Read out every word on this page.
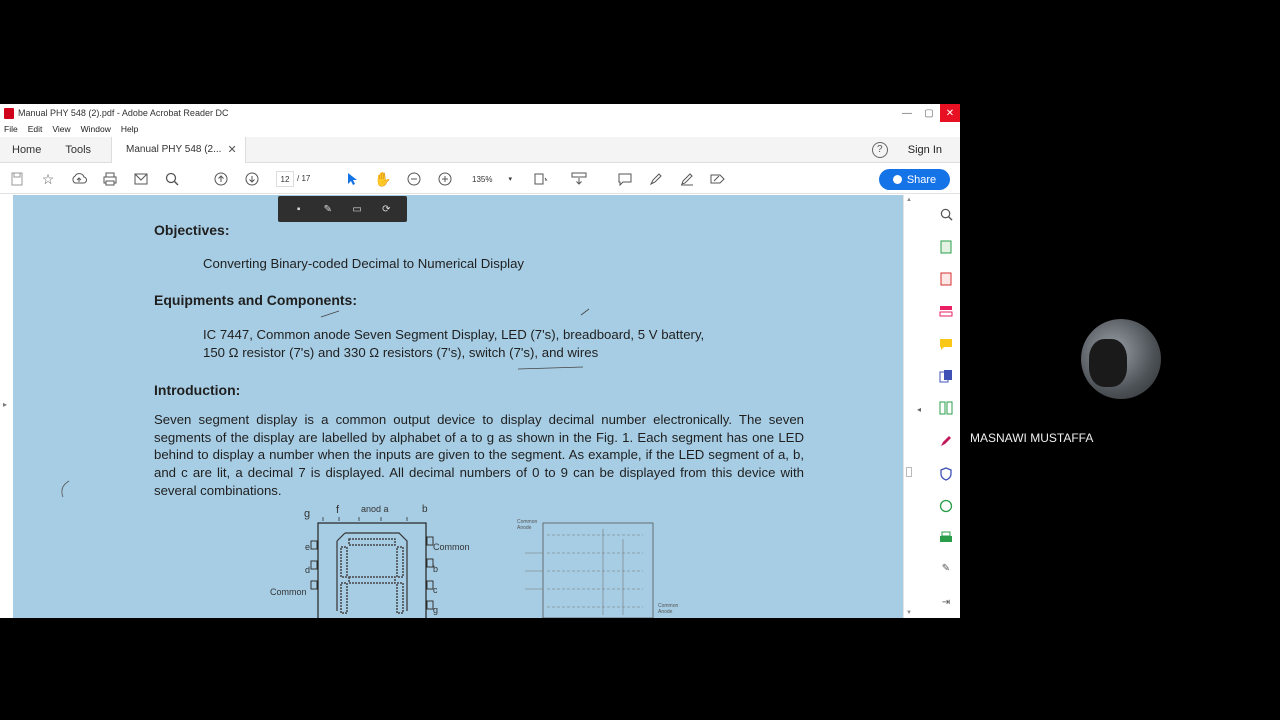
Manual PHY 548 (2).pdf - Adobe Acrobat Reader DC	—	▢	✕
File Edit View Window Help
Home	Tools	Manual PHY 548 (2... ✕	?	Sign In
☆	12 / 17	✋	135% ▾	Share
▸
▪	✎ ▭ ⟳
Objectives:
Converting Binary-coded Decimal to Numerical Display
Equipments and Components:
IC 7447, Common anode Seven Segment Display, LED (7's), breadboard, 5 V battery,
150 Ω resistor (7's) and 330 Ω resistors (7's), switch (7's), and wires
Introduction:
Seven segment display is a common output device to display decimal number electronically. The seven segments of the display are labelled by alphabet of a to g as shown in the Fig. 1. Each segment has one LED behind to display a number when the inputs are given to the segment. As example, if the LED segment of a, b, and c are lit, a decimal 7 is displayed. All decimal numbers of 0 to 9 can be displayed from this device with several combinations.
g f anod a	b
e
d
Common
Common
b
c
g
Common
Anode
Common
Anode
▲
▼
◂
✎
⇥
MASNAWI MUSTAFFA
